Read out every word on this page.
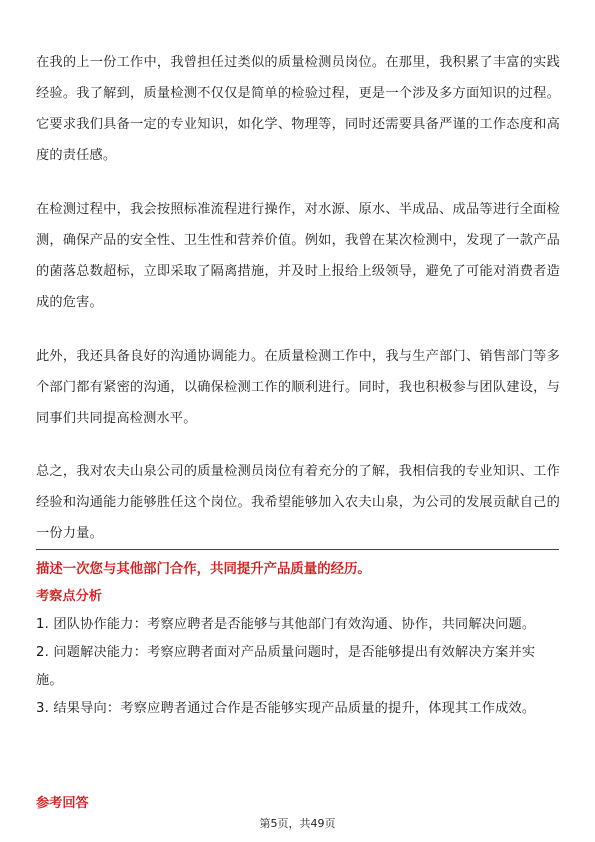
在我的上一份工作中，我曾担任过类似的质量检测员岗位。在那里，我积累了丰富的实践经验。我了解到，质量检测不仅仅是简单的检验过程，更是一个涉及多方面知识的过程。它要求我们具备一定的专业知识，如化学、物理等，同时还需要具备严谨的工作态度和高度的责任感。

在检测过程中，我会按照标准流程进行操作，对水源、原水、半成品、成品等进行全面检测，确保产品的安全性、卫生性和营养价值。例如，我曾在某次检测中，发现了一款产品的菌落总数超标，立即采取了隔离措施，并及时上报给上级领导，避免了可能对消费者造成的危害。

此外，我还具备良好的沟通协调能力。在质量检测工作中，我与生产部门、销售部门等多个部门都有紧密的沟通，以确保检测工作的顺利进行。同时，我也积极参与团队建设，与同事们共同提高检测水平。

总之，我对农夫山泉公司的质量检测员岗位有着充分的了解，我相信我的专业知识、工作经验和沟通能力能够胜任这个岗位。我希望能够加入农夫山泉，为公司的发展贡献自己的一份力量。

描述一次您与其他部门合作，共同提升产品质量的经历。

考察点分析

1. 团队协作能力：考察应聘者是否能够与其他部门有效沟通、协作，共同解决问题。
2. 问题解决能力：考察应聘者面对产品质量问题时，是否能够提出有效解决方案并实施。
3. 结果导向：考察应聘者通过合作是否能够实现产品质量的提升，体现其工作成效。

参考回答

第5页，共49页
